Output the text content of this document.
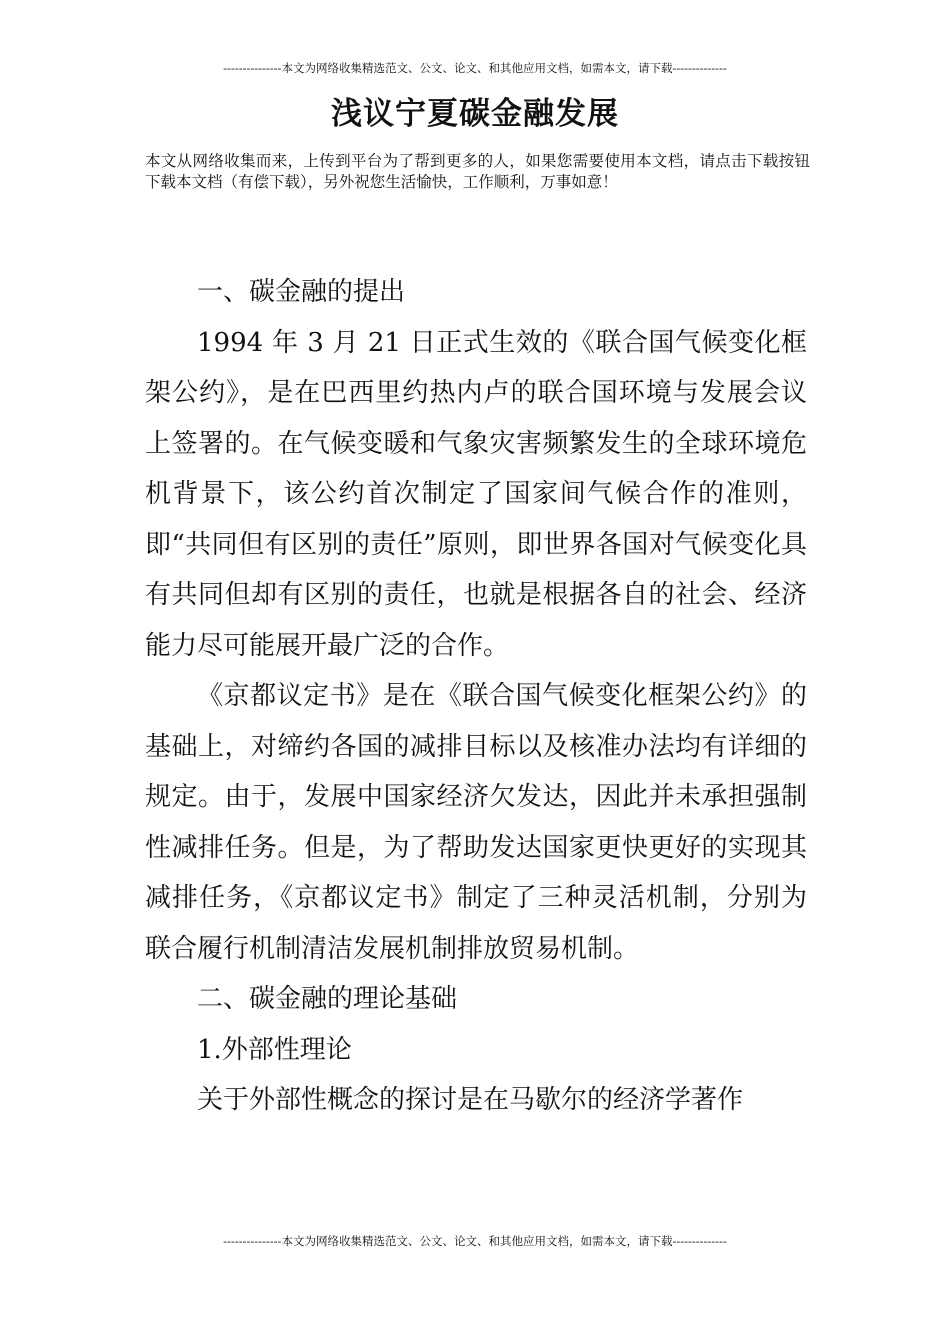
---------------本文为网络收集精选范文、公文、论文、和其他应用文档，如需本文，请下载--------------
浅议宁夏碳金融发展

本文从网络收集而来，上传到平台为了帮到更多的人，如果您需要使用本文档，请点击下载按钮下载本文档（有偿下载），另外祝您生活愉快，工作顺利，万事如意！

一、碳金融的提出

1994 年 3 月 21 日正式生效的《联合国气候变化框架公约》，是在巴西里约热内卢的联合国环境与发展会议上签署的。在气候变暖和气象灾害频繁发生的全球环境危机背景下，该公约首次制定了国家间气候合作的准则，即“共同但有区别的责任”原则，即世界各国对气候变化具有共同但却有区别的责任，也就是根据各自的社会、经济能力尽可能展开最广泛的合作。

《京都议定书》是在《联合国气候变化框架公约》的基础上，对缔约各国的减排目标以及核准办法均有详细的规定。由于，发展中国家经济欠发达，因此并未承担强制性减排任务。但是，为了帮助发达国家更快更好的实现其减排任务，《京都议定书》制定了三种灵活机制，分别为联合履行机制清洁发展机制排放贸易机制。

二、碳金融的理论基础

1.外部性理论

关于外部性概念的探讨是在马歇尔的经济学著作

---------------本文为网络收集精选范文、公文、论文、和其他应用文档，如需本文，请下载--------------
